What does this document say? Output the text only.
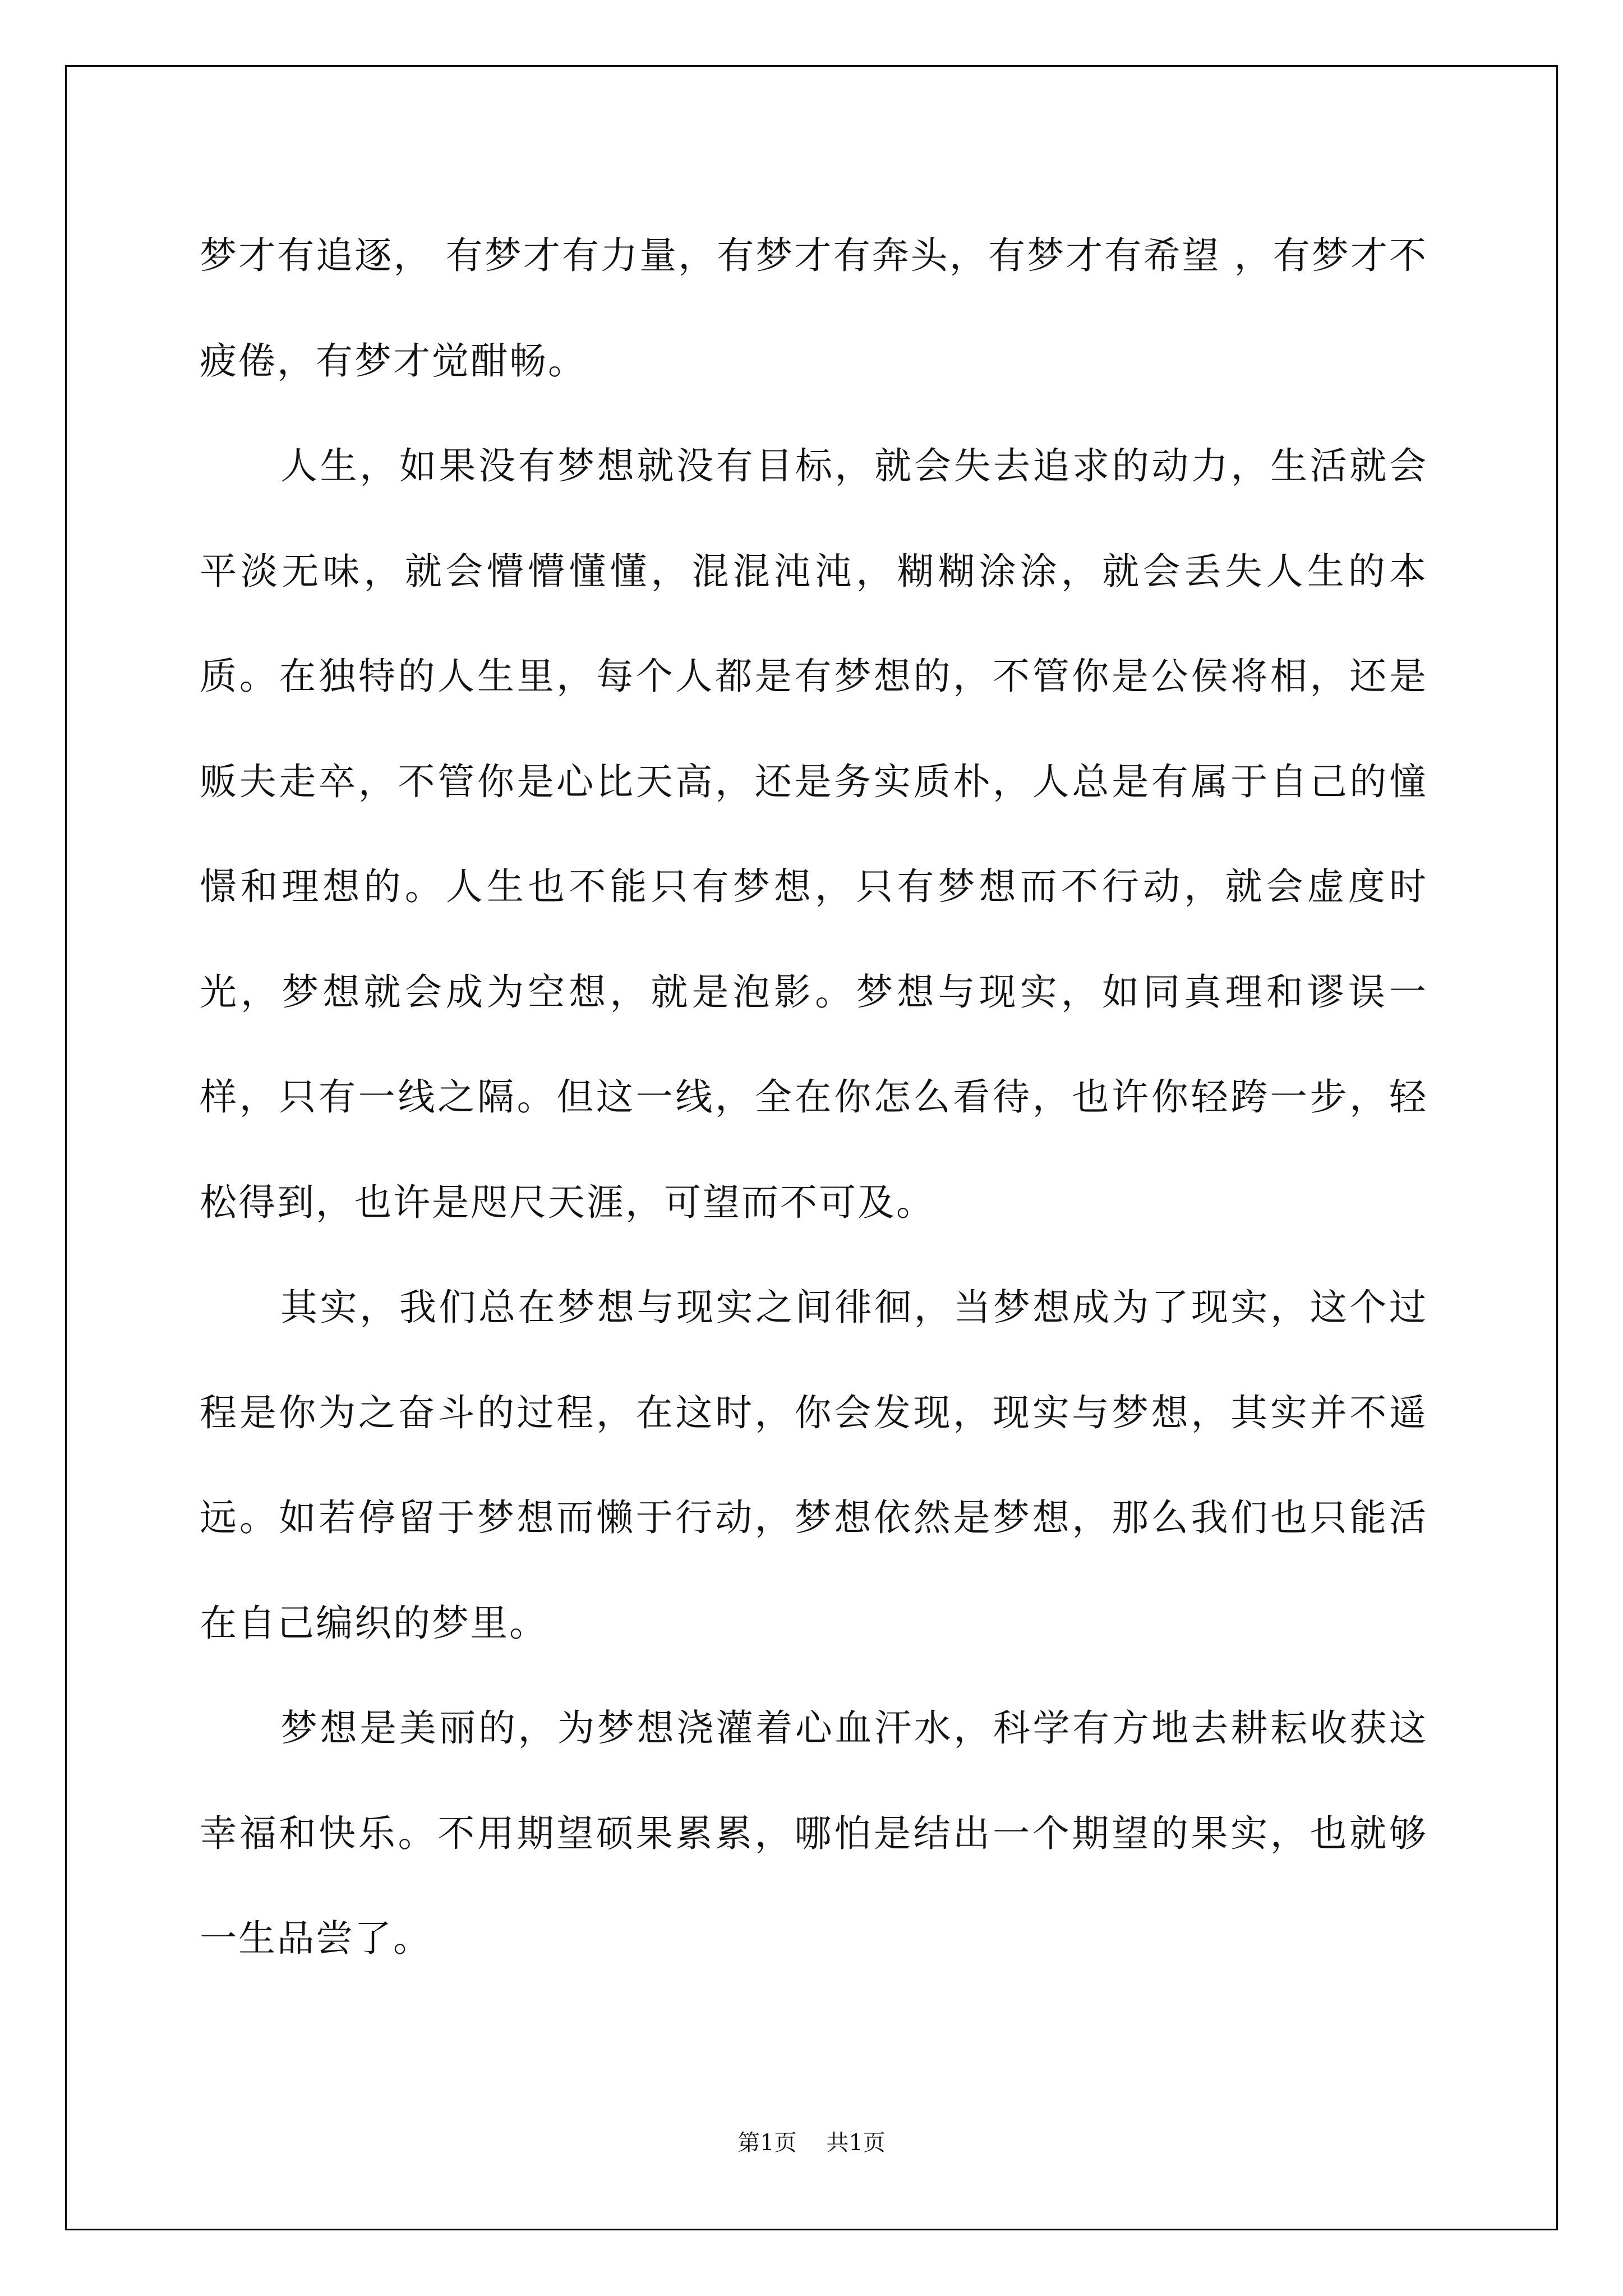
梦才有追逐， 有梦才有力量，有梦才有奔头，有梦才有希望 ，有梦才不疲倦，有梦才觉酣畅。

人生，如果没有梦想就没有目标，就会失去追求的动力，生活就会平淡无味，就会懵懵懂懂，混混沌沌，糊糊涂涂，就会丢失人生的本质。在独特的人生里，每个人都是有梦想的，不管你是公侯将相，还是贩夫走卒，不管你是心比天高，还是务实质朴，人总是有属于自己的憧憬和理想的。人生也不能只有梦想，只有梦想而不行动，就会虚度时光，梦想就会成为空想，就是泡影。梦想与现实，如同真理和谬误一样，只有一线之隔。但这一线，全在你怎么看待，也许你轻跨一步，轻松得到，也许是咫尺天涯，可望而不可及。

其实，我们总在梦想与现实之间徘徊，当梦想成为了现实，这个过程是你为之奋斗的过程，在这时，你会发现，现实与梦想，其实并不遥远。如若停留于梦想而懒于行动，梦想依然是梦想，那么我们也只能活在自己编织的梦里。

梦想是美丽的，为梦想浇灌着心血汗水，科学有方地去耕耘收获这幸福和快乐。不用期望硕果累累，哪怕是结出一个期望的果实，也就够一生品尝了。

第1页 共1页
